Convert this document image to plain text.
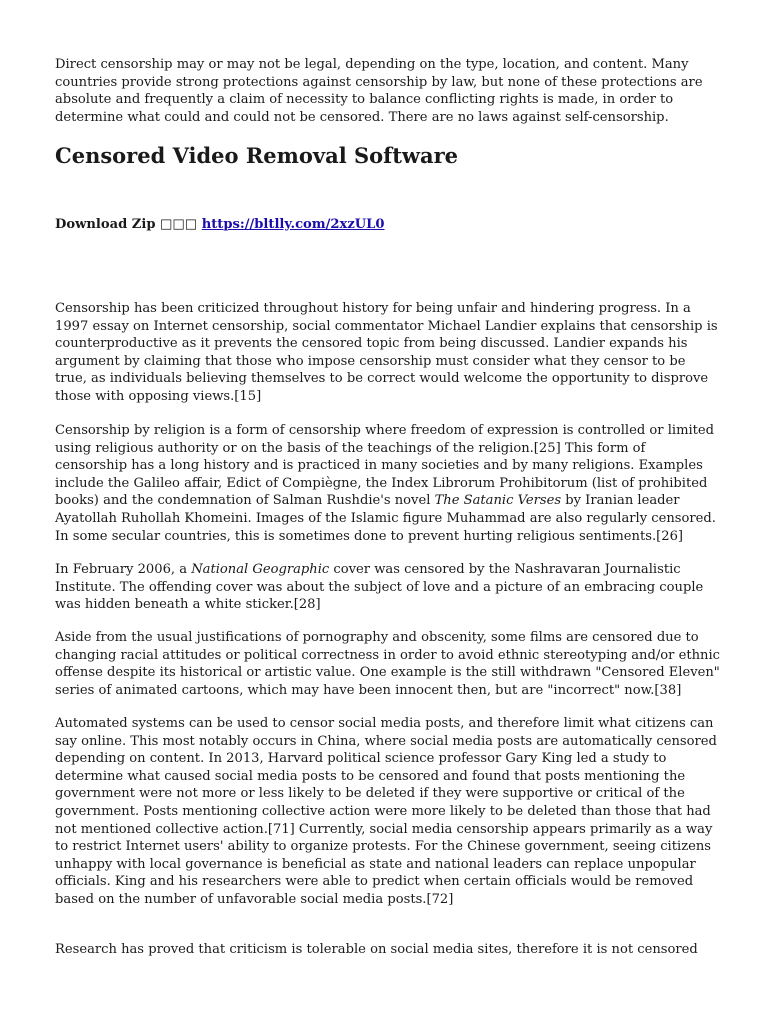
Direct censorship may or may not be legal, depending on the type, location, and content. Many countries provide strong protections against censorship by law, but none of these protections are absolute and frequently a claim of necessity to balance conflicting rights is made, in order to determine what could and could not be censored. There are no laws against self-censorship.

Censored Video Removal Software
Download Zip □□□ https://bltlly.com/2xzUL0

Censorship has been criticized throughout history for being unfair and hindering progress. In a 1997 essay on Internet censorship, social commentator Michael Landier explains that censorship is counterproductive as it prevents the censored topic from being discussed. Landier expands his argument by claiming that those who impose censorship must consider what they censor to be true, as individuals believing themselves to be correct would welcome the opportunity to disprove those with opposing views.[15]

Censorship by religion is a form of censorship where freedom of expression is controlled or limited using religious authority or on the basis of the teachings of the religion.[25] This form of censorship has a long history and is practiced in many societies and by many religions. Examples include the Galileo affair, Edict of Compiègne, the Index Librorum Prohibitorum (list of prohibited books) and the condemnation of Salman Rushdie's novel The Satanic Verses by Iranian leader Ayatollah Ruhollah Khomeini. Images of the Islamic figure Muhammad are also regularly censored. In some secular countries, this is sometimes done to prevent hurting religious sentiments.[26]

In February 2006, a National Geographic cover was censored by the Nashravaran Journalistic Institute. The offending cover was about the subject of love and a picture of an embracing couple was hidden beneath a white sticker.[28]

Aside from the usual justifications of pornography and obscenity, some films are censored due to changing racial attitudes or political correctness in order to avoid ethnic stereotyping and/or ethnic offense despite its historical or artistic value. One example is the still withdrawn "Censored Eleven" series of animated cartoons, which may have been innocent then, but are "incorrect" now.[38]

Automated systems can be used to censor social media posts, and therefore limit what citizens can say online. This most notably occurs in China, where social media posts are automatically censored depending on content. In 2013, Harvard political science professor Gary King led a study to determine what caused social media posts to be censored and found that posts mentioning the government were not more or less likely to be deleted if they were supportive or critical of the government. Posts mentioning collective action were more likely to be deleted than those that had not mentioned collective action.[71] Currently, social media censorship appears primarily as a way to restrict Internet users' ability to organize protests. For the Chinese government, seeing citizens unhappy with local governance is beneficial as state and national leaders can replace unpopular officials. King and his researchers were able to predict when certain officials would be removed based on the number of unfavorable social media posts.[72]

Research has proved that criticism is tolerable on social media sites, therefore it is not censored
